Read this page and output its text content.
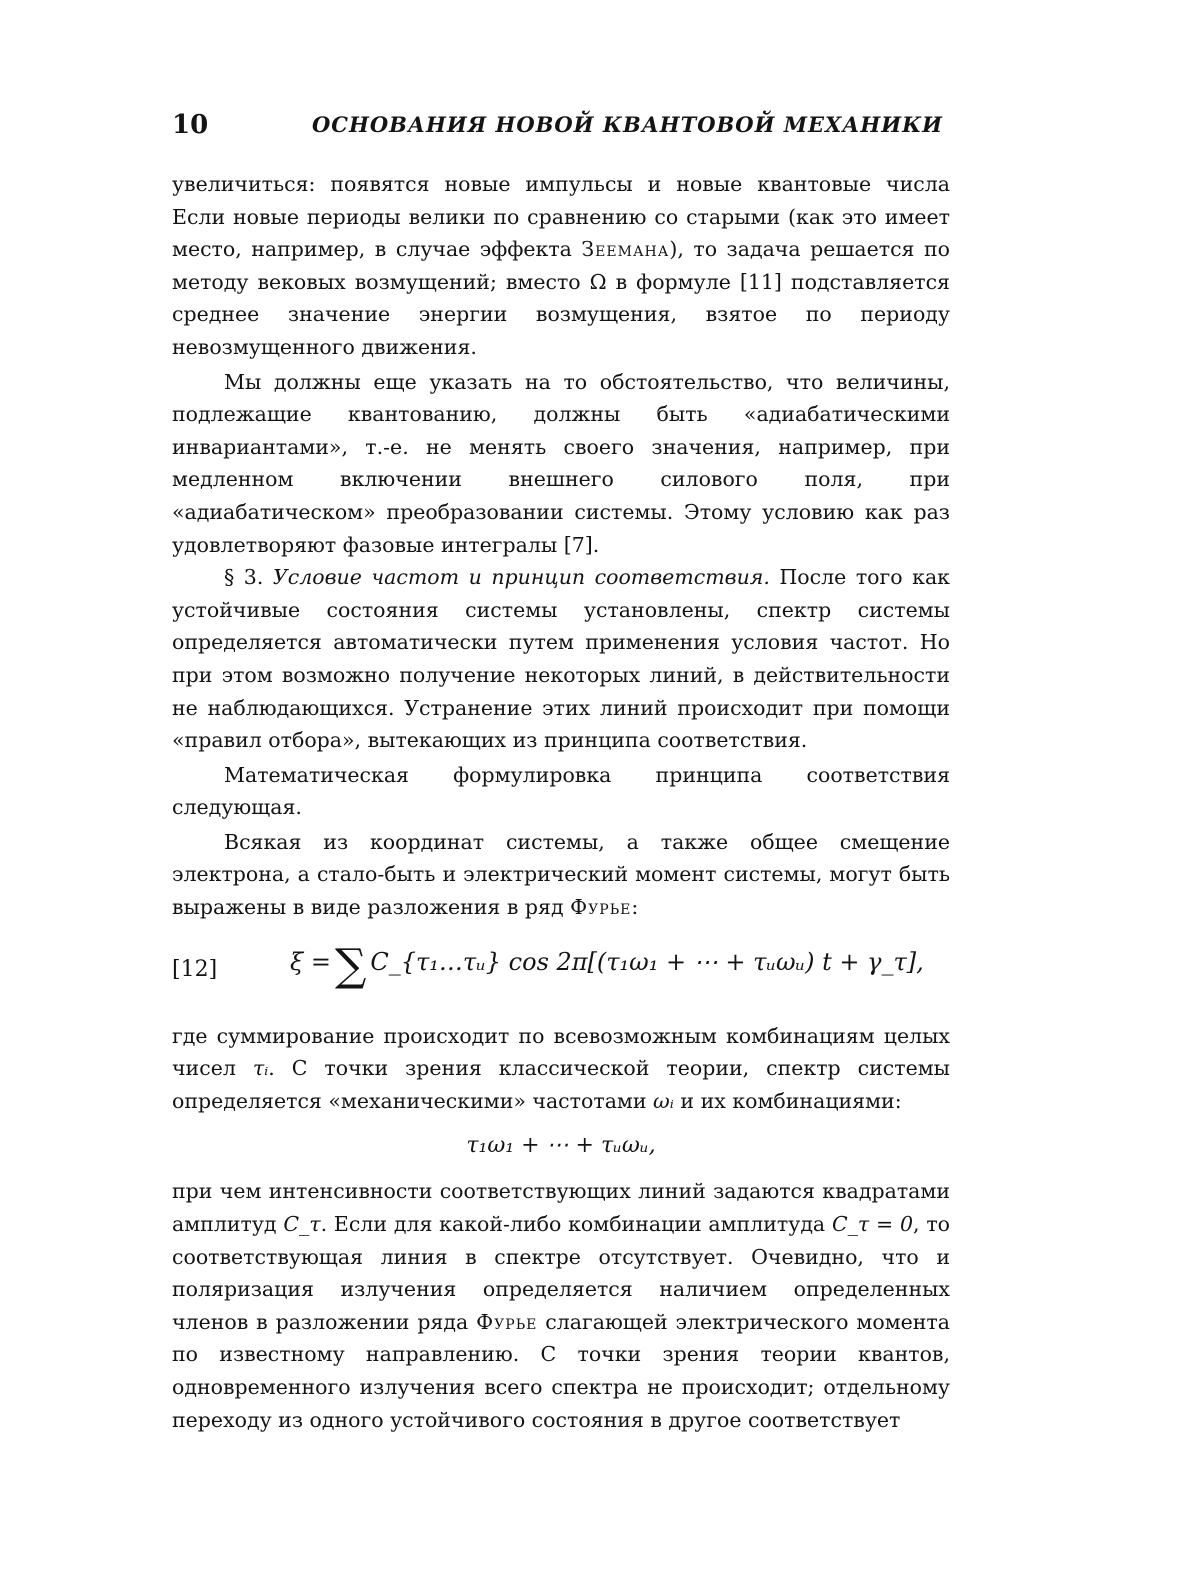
10	ОСНОВАНИЯ НОВОЙ КВАНТОВОЙ МЕХАНИКИ

увеличиться: появятся новые импульсы и новые квантовые числа Если новые периоды велики по сравнению со старыми (как это имеет место, например, в случае эффекта Зеемана), то задача решается по методу вековых возмущений; вместо Ω в формуле [11] подставляется среднее значение энергии возмущения, взятое по периоду невозмущенного движения.

Мы должны еще указать на то обстоятельство, что величины, подлежащие квантованию, должны быть «адиабатическими инвариантами», т.-е. не менять своего значения, например, при медленном включении внешнего силового поля, при «адиабатическом» преобразовании системы. Этому условию как раз удовлетворяют фазовые интегралы [7].

§ 3. Условие частот и принцип соответствия. После того как устойчивые состояния системы установлены, спектр системы определяется автоматически путем применения условия частот. Но при этом возможно получение некоторых линий, в действительности не наблюдающихся. Устранение этих линий происходит при помощи «правил отбора», вытекающих из принципа соответствия.

Математическая формулировка принципа соответствия следующая.

Всякая из координат системы, а также общее смещение электрона, а стало-быть и электрический момент системы, могут быть выражены в виде разложения в ряд Фурье:

[12]	ξ =∑ C_{τ₁…τᵤ} cos 2π[(τ₁ω₁ + ⋯ + τᵤωᵤ) t + γ_τ],

где суммирование происходит по всевозможным комбинациям целых чисел τᵢ. С точки зрения классической теории, спектр системы определяется «механическими» частотами ωᵢ и их комбинациями:

τ₁ω₁ + ⋯ + τᵤωᵤ,

при чем интенсивности соответствующих линий задаются квадратами амплитуд C_τ. Если для какой-либо комбинации амплитуда C_τ = 0, то соответствующая линия в спектре отсутствует. Очевидно, что и поляризация излучения определяется наличием определенных членов в разложении ряда Фурье слагающей электрического момента по известному направлению. С точки зрения теории квантов, одновременного излучения всего спектра не происходит; отдельному переходу из одного устойчивого состояния в другое соответствует
